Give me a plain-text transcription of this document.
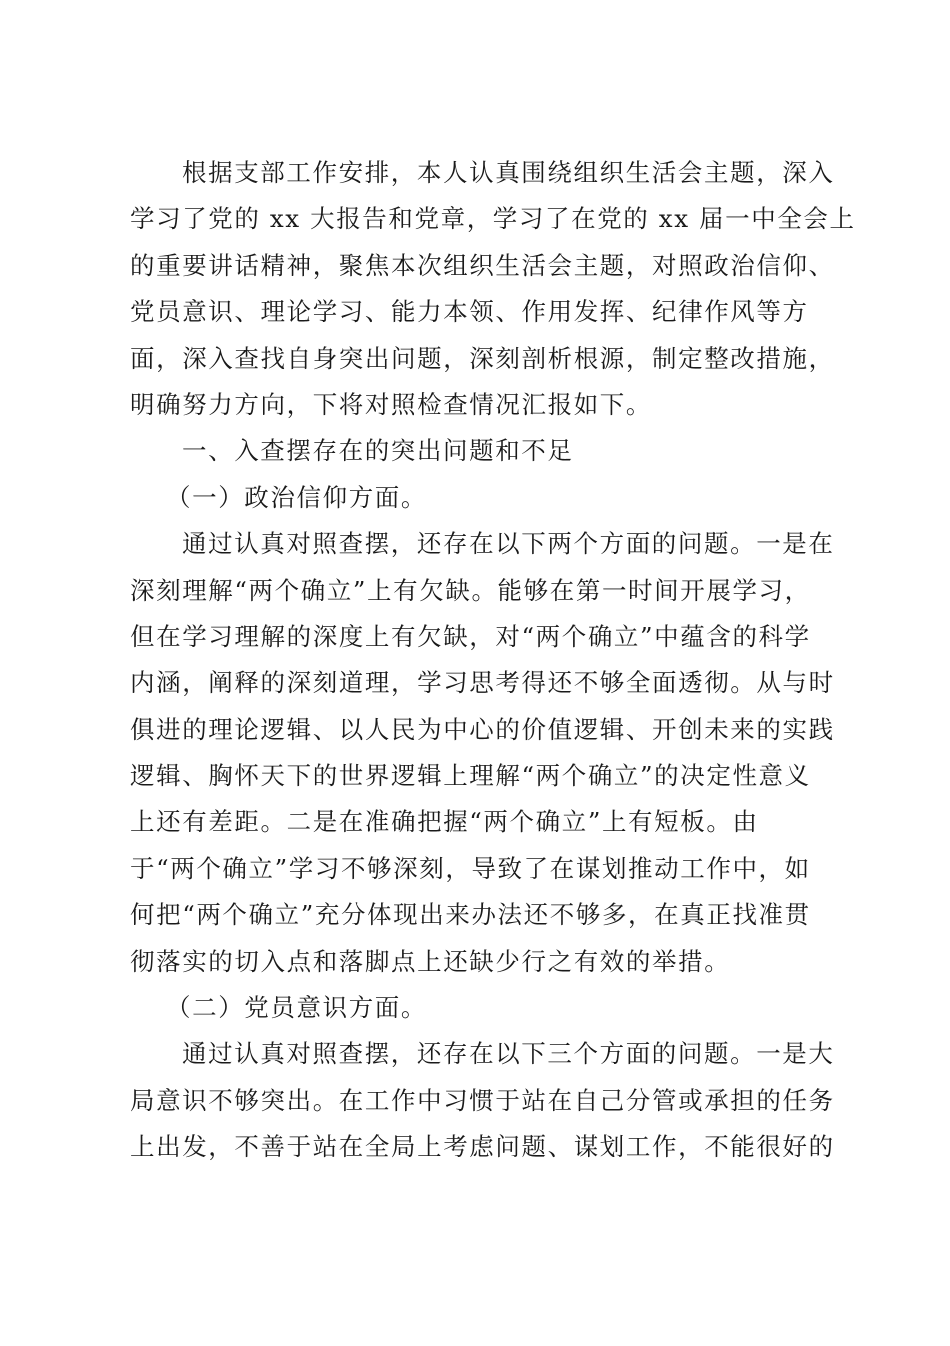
根据支部工作安排，本人认真围绕组织生活会主题，深入
学习了党的 xx 大报告和党章，学习了在党的 xx 届一中全会上
的重要讲话精神，聚焦本次组织生活会主题，对照政治信仰、
党员意识、理论学习、能力本领、作用发挥、纪律作风等方
面，深入查找自身突出问题，深刻剖析根源，制定整改措施，
明确努力方向，下将对照检查情况汇报如下。
一、入查摆存在的突出问题和不足
（一）政治信仰方面。
通过认真对照查摆，还存在以下两个方面的问题。一是在
深刻理解“两个确立”上有欠缺。能够在第一时间开展学习，
但在学习理解的深度上有欠缺，对“两个确立”中蕴含的科学
内涵，阐释的深刻道理，学习思考得还不够全面透彻。从与时
俱进的理论逻辑、以人民为中心的价值逻辑、开创未来的实践
逻辑、胸怀天下的世界逻辑上理解“两个确立”的决定性意义
上还有差距。二是在准确把握“两个确立”上有短板。由
于“两个确立”学习不够深刻，导致了在谋划推动工作中，如
何把“两个确立”充分体现出来办法还不够多，在真正找准贯
彻落实的切入点和落脚点上还缺少行之有效的举措。
（二）党员意识方面。
通过认真对照查摆，还存在以下三个方面的问题。一是大
局意识不够突出。在工作中习惯于站在自己分管或承担的任务
上出发，不善于站在全局上考虑问题、谋划工作，不能很好的
